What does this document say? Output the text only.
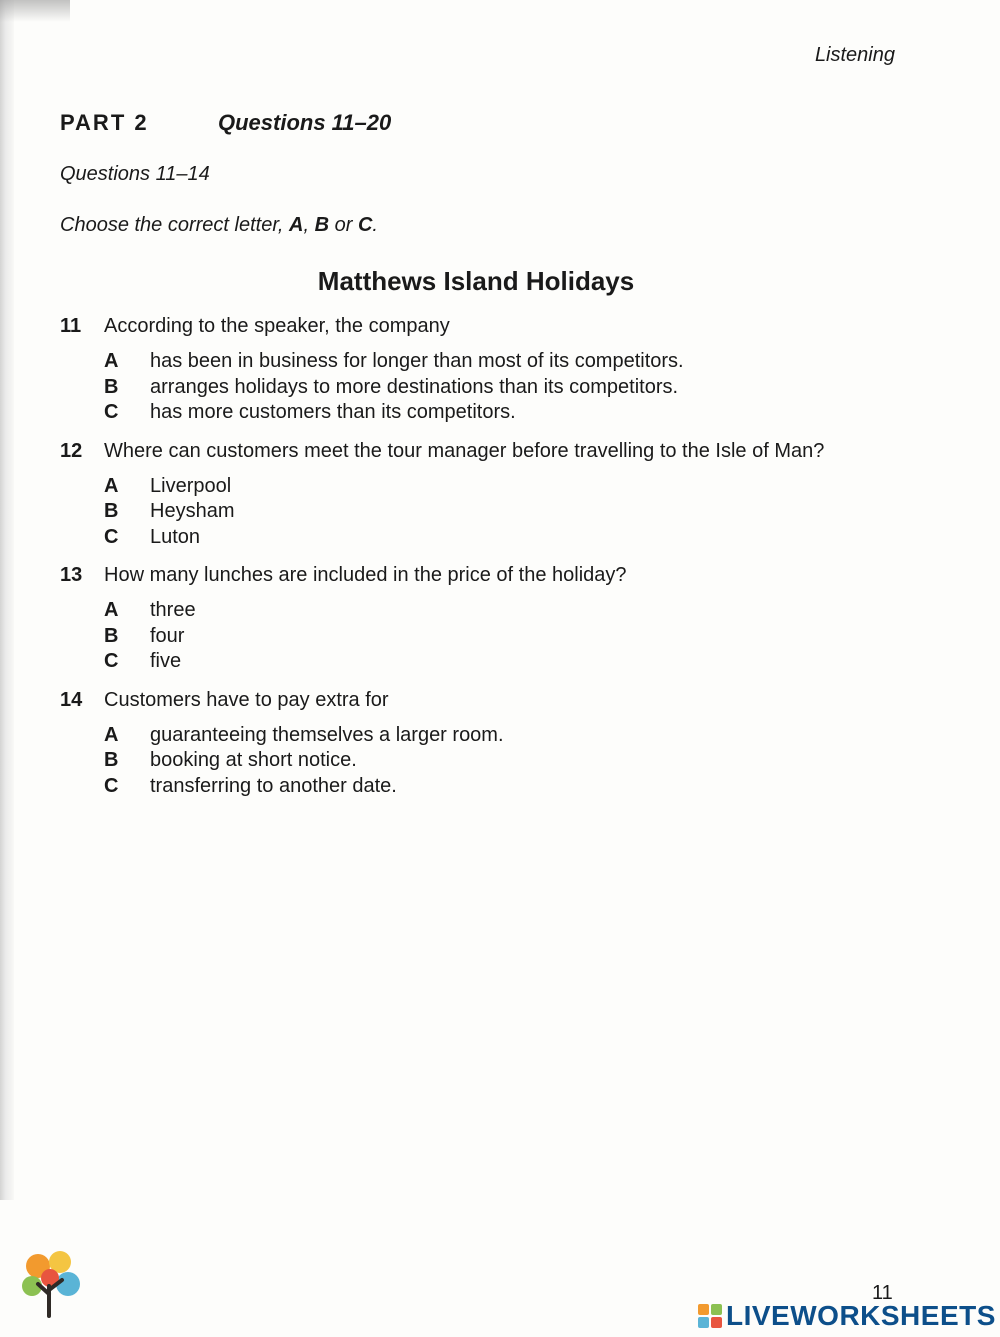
Listening
PART 2	Questions 11–20
Questions 11–14
Choose the correct letter, A, B or C.
Matthews Island Holidays
11	According to the speaker, the company
A	has been in business for longer than most of its competitors.
B	arranges holidays to more destinations than its competitors.
C	has more customers than its competitors.
12	Where can customers meet the tour manager before travelling to the Isle of Man?
A	Liverpool
B	Heysham
C	Luton
13	How many lunches are included in the price of the holiday?
A	three
B	four
C	five
14	Customers have to pay extra for
A	guaranteeing themselves a larger room.
B	booking at short notice.
C	transferring to another date.
11
LIVEWORKSHEETS
